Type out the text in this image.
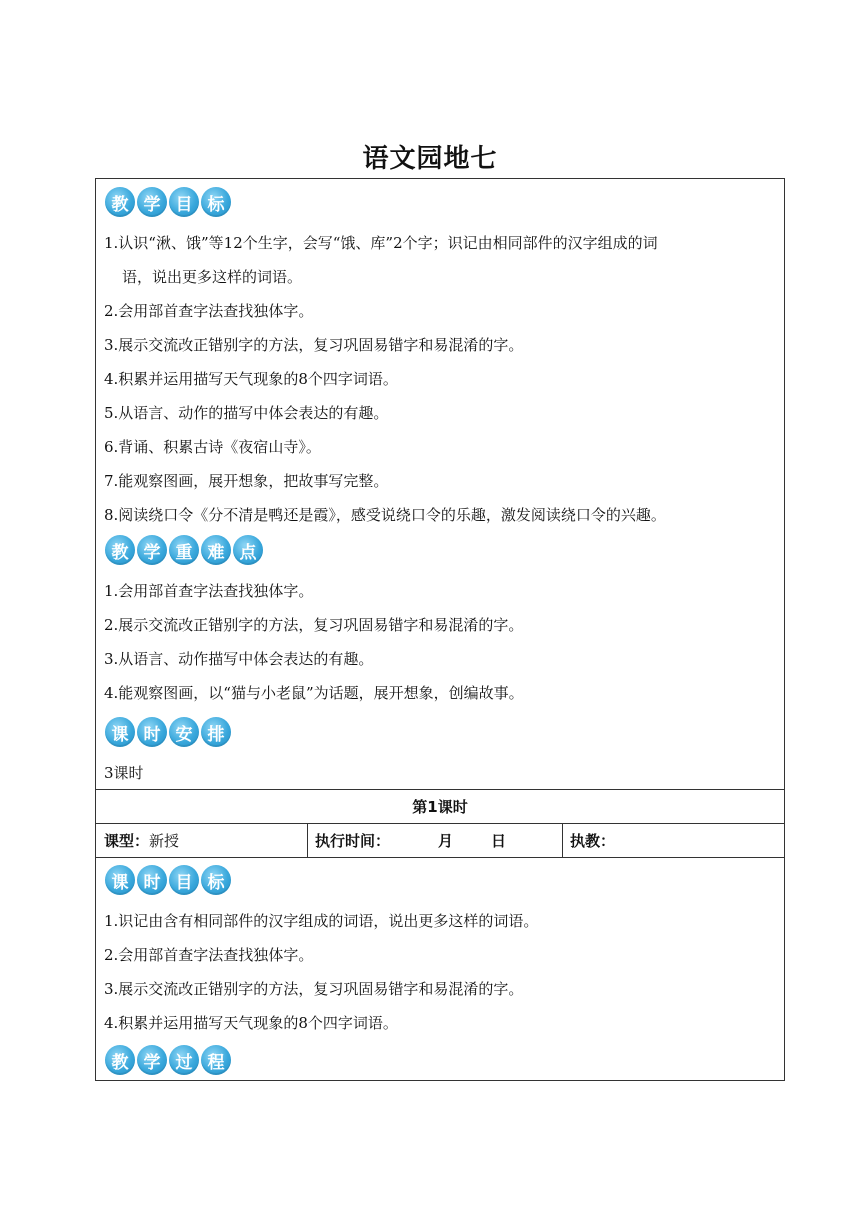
语文园地七
教 学 目 标
1.认识“湫、饿”等12个生字，会写“饿、库”2个字；识记由相同部件的汉字组成的词
语，说出更多这样的词语。
2.会用部首查字法查找独体字。
3.展示交流改正错别字的方法，复习巩固易错字和易混淆的字。
4.积累并运用描写天气现象的8个四字词语。
5.从语言、动作的描写中体会表达的有趣。
6.背诵、积累古诗《夜宿山寺》。
7.能观察图画，展开想象，把故事写完整。
8.阅读绕口令《分不清是鸭还是霞》，感受说绕口令的乐趣，激发阅读绕口令的兴趣。
教 学 重 难 点
1.会用部首查字法查找独体字。
2.展示交流改正错别字的方法，复习巩固易错字和易混淆的字。
3.从语言、动作描写中体会表达的有趣。
4.能观察图画，以“猫与小老鼠”为话题，展开想象，创编故事。
课 时 安 排
3课时
第1课时
课型：新授	执行时间：	月	日	执教：
课 时 目 标
1.识记由含有相同部件的汉字组成的词语，说出更多这样的词语。
2.会用部首查字法查找独体字。
3.展示交流改正错别字的方法，复习巩固易错字和易混淆的字。
4.积累并运用描写天气现象的8个四字词语。
教 学 过 程
